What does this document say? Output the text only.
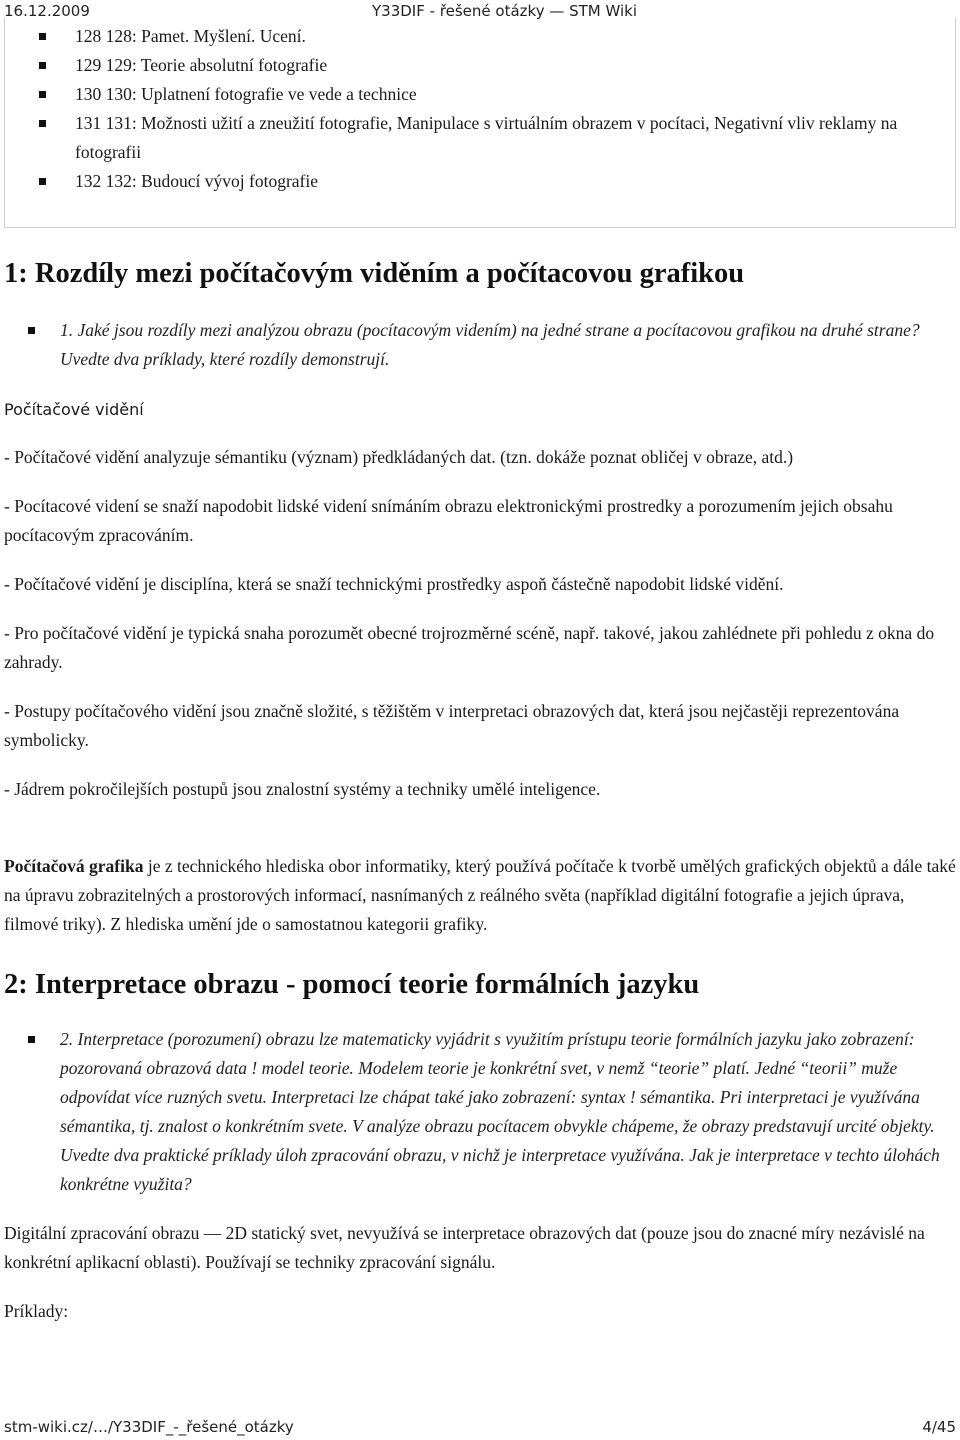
16.12.2009	Y33DIF - řešené otázky — STM Wiki
128 128: Pamet. Myšlení. Ucení.
129 129: Teorie absolutní fotografie
130 130: Uplatnení fotografie ve vede a technice
131 131: Možnosti užití a zneužití fotografie, Manipulace s virtuálním obrazem v pocítaci, Negativní vliv reklamy na fotografii
132 132: Budoucí vývoj fotografie
1: Rozdíly mezi počítačovým viděním a počítacovou grafikou
1. Jaké jsou rozdíly mezi analýzou obrazu (pocítacovým videním) na jedné strane a pocítacovou grafikou na druhé strane? Uvedte dva príklady, které rozdíly demonstrují.
Počítačové vidění

- Počítačové vidění analyzuje sémantiku (význam) předkládaných dat. (tzn. dokáže poznat obličej v obraze, atd.)

- Pocítacové videní se snaží napodobit lidské videní snímáním obrazu elektronickými prostredky a porozumením jejich obsahu pocítacovým zpracováním.

- Počítačové vidění je disciplína, která se snaží technickými prostředky aspoň částečně napodobit lidské vidění.

- Pro počítačové vidění je typická snaha porozumět obecné trojrozměrné scéně, např. takové, jakou zahlédnete při pohledu z okna do zahrady.

- Postupy počítačového vidění jsou značně složité, s těžištěm v interpretaci obrazových dat, která jsou nejčastěji reprezentována symbolicky.

- Jádrem pokročilejších postupů jsou znalostní systémy a techniky umělé inteligence.

Počítačová grafika je z technického hlediska obor informatiky, který používá počítače k tvorbě umělých grafických objektů a dále také na úpravu zobrazitelných a prostorových informací, nasnímaných z reálného světa (například digitální fotografie a jejich úprava, filmové triky). Z hlediska umění jde o samostatnou kategorii grafiky.

2: Interpretace obrazu - pomocí teorie formálních jazyku
2. Interpretace (porozumení) obrazu lze matematicky vyjádrit s využitím prístupu teorie formálních jazyku jako zobrazení: pozorovaná obrazová data ! model teorie. Modelem teorie je konkrétní svet, v nemž “teorie” platí. Jedné “teorii” muže odpovídat více ruzných svetu. Interpretaci lze chápat také jako zobrazení: syntax ! sémantika. Pri interpretaci je využívána sémantika, tj. znalost o konkrétním svete. V analýze obrazu pocítacem obvykle chápeme, že obrazy predstavují urcité objekty. Uvedte dva praktické príklady úloh zpracování obrazu, v nichž je interpretace využívána. Jak je interpretace v techto úlohách konkrétne využita?

Digitální zpracování obrazu — 2D statický svet, nevyužívá se interpretace obrazových dat (pouze jsou do znacné míry nezávislé na konkrétní aplikacní oblasti). Používají se techniky zpracování signálu.

Príklady:

stm-wiki.cz/…/Y33DIF_-_řešené_otázky	4/45
